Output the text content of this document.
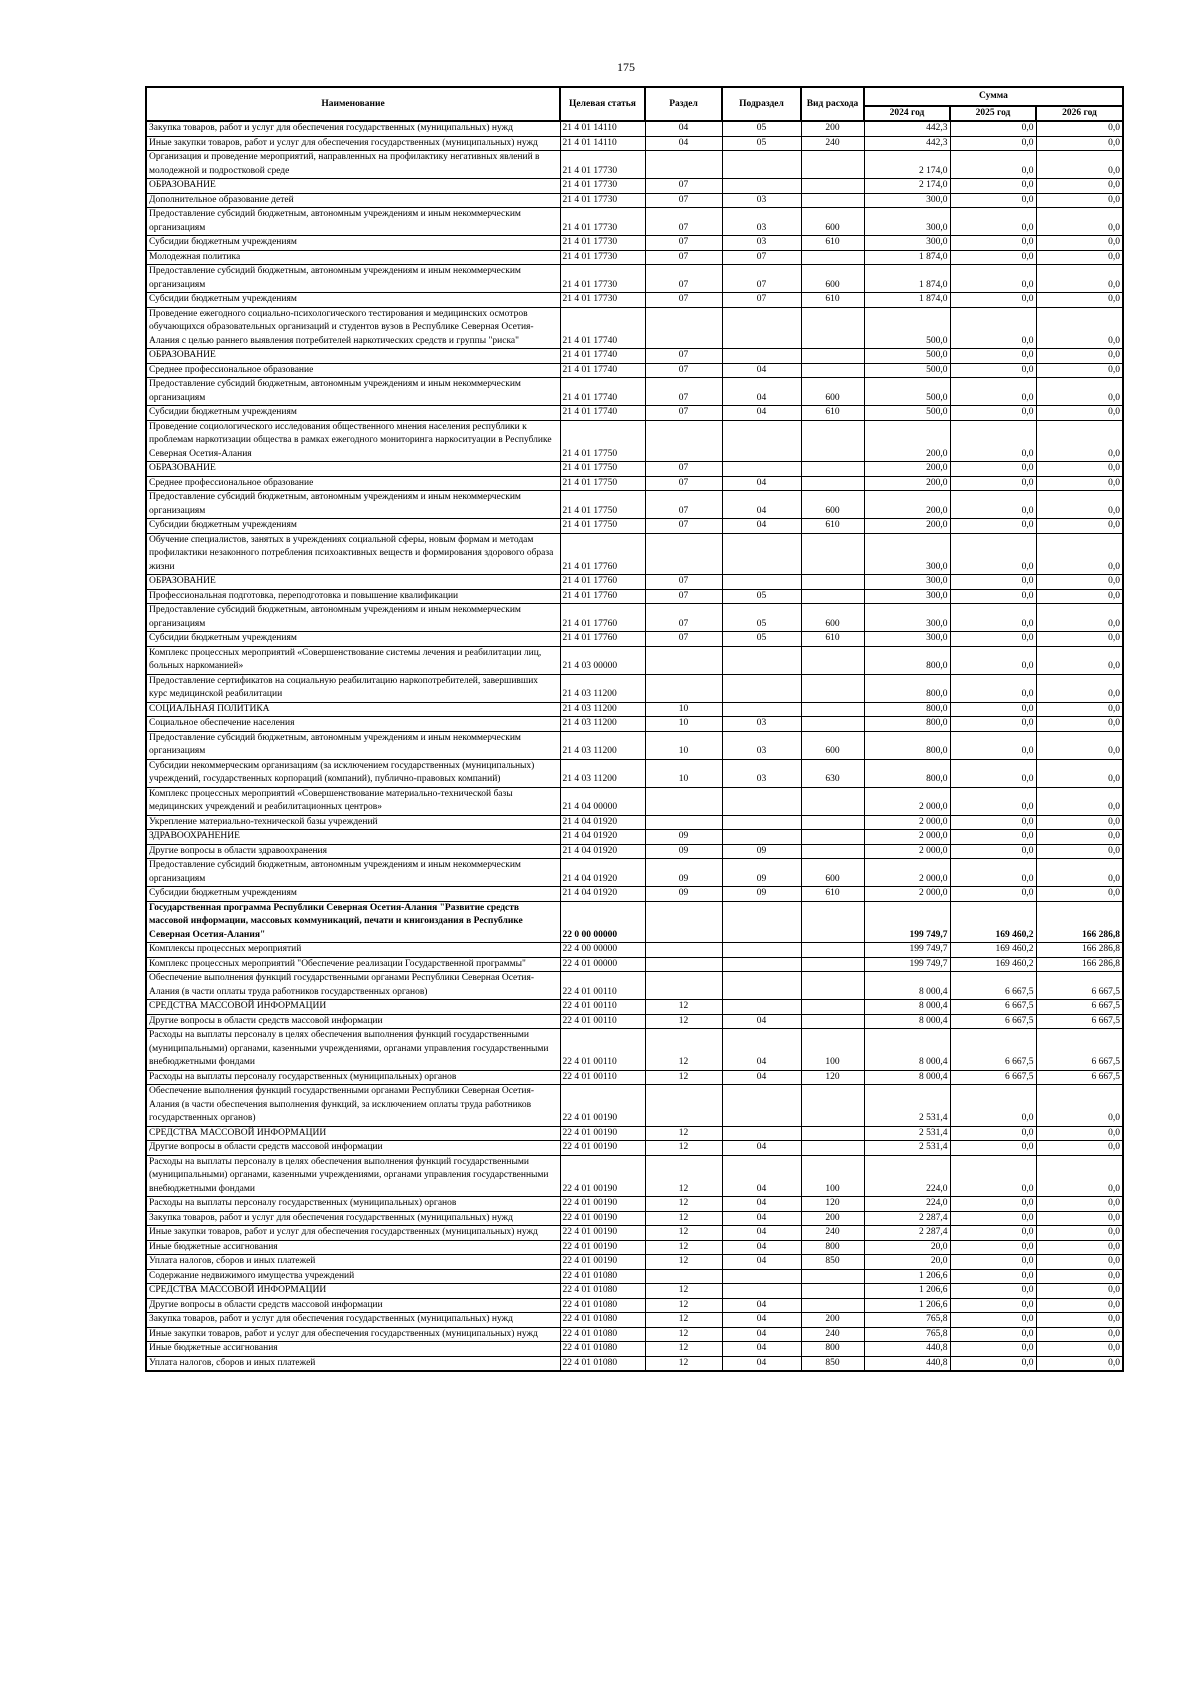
175
Наименование	Целевая статья	Раздел	Подраздел	Вид расхода	Сумма		
					2024 год	2025 год	2026 год
Закупка товаров, работ и услуг для обеспечения государственных (муниципальных) нужд	21 4 01 14110	04	05	200	442,3	0,0	0,0
Иные закупки товаров, работ и услуг для обеспечения государственных (муниципальных) нужд	21 4 01 14110	04	05	240	442,3	0,0	0,0
Организация и проведение мероприятий, направленных на профилактику негативных явлений в молодежной и подростковой среде	21 4 01 17730				2 174,0	0,0	0,0
ОБРАЗОВАНИЕ	21 4 01 17730	07			2 174,0	0,0	0,0
Дополнительное образование детей	21 4 01 17730	07	03		300,0	0,0	0,0
Предоставление субсидий бюджетным, автономным учреждениям и иным некоммерческим организациям	21 4 01 17730	07	03	600	300,0	0,0	0,0
Субсидии бюджетным учреждениям	21 4 01 17730	07	03	610	300,0	0,0	0,0
Молодежная политика	21 4 01 17730	07	07		1 874,0	0,0	0,0
Предоставление субсидий бюджетным, автономным учреждениям и иным некоммерческим организациям	21 4 01 17730	07	07	600	1 874,0	0,0	0,0
Субсидии бюджетным учреждениям	21 4 01 17730	07	07	610	1 874,0	0,0	0,0
Проведение ежегодного социально-психологического тестирования и медицинских осмотров обучающихся образовательных организаций и студентов вузов в Республике Северная Осетия-Алания с целью раннего выявления потребителей наркотических средств и группы "риска"	21 4 01 17740				500,0	0,0	0,0
ОБРАЗОВАНИЕ	21 4 01 17740	07			500,0	0,0	0,0
Среднее профессиональное образование	21 4 01 17740	07	04		500,0	0,0	0,0
Предоставление субсидий бюджетным, автономным учреждениям и иным некоммерческим организациям	21 4 01 17740	07	04	600	500,0	0,0	0,0
Субсидии бюджетным учреждениям	21 4 01 17740	07	04	610	500,0	0,0	0,0
Проведение социологического исследования общественного мнения населения республики к проблемам наркотизации общества в рамках ежегодного мониторинга наркоситуации в Республике Северная Осетия-Алания	21 4 01 17750				200,0	0,0	0,0
ОБРАЗОВАНИЕ	21 4 01 17750	07			200,0	0,0	0,0
Среднее профессиональное образование	21 4 01 17750	07	04		200,0	0,0	0,0
Предоставление субсидий бюджетным, автономным учреждениям и иным некоммерческим организациям	21 4 01 17750	07	04	600	200,0	0,0	0,0
Субсидии бюджетным учреждениям	21 4 01 17750	07	04	610	200,0	0,0	0,0
Обучение специалистов, занятых в учреждениях социальной сферы, новым формам и методам профилактики незаконного потребления психоактивных веществ и формирования здорового образа жизни	21 4 01 17760				300,0	0,0	0,0
ОБРАЗОВАНИЕ	21 4 01 17760	07			300,0	0,0	0,0
Профессиональная подготовка, переподготовка и повышение квалификации	21 4 01 17760	07	05		300,0	0,0	0,0
Предоставление субсидий бюджетным, автономным учреждениям и иным некоммерческим организациям	21 4 01 17760	07	05	600	300,0	0,0	0,0
Субсидии бюджетным учреждениям	21 4 01 17760	07	05	610	300,0	0,0	0,0
Комплекс процессных мероприятий «Совершенствование системы лечения и реабилитации лиц, больных наркоманией»	21 4 03 00000				800,0	0,0	0,0
Предоставление сертификатов на социальную реабилитацию наркопотребителей, завершивших курс медицинской реабилитации	21 4 03 11200				800,0	0,0	0,0
СОЦИАЛЬНАЯ ПОЛИТИКА	21 4 03 11200	10			800,0	0,0	0,0
Социальное обеспечение населения	21 4 03 11200	10	03		800,0	0,0	0,0
Предоставление субсидий бюджетным, автономным учреждениям и иным некоммерческим организациям	21 4 03 11200	10	03	600	800,0	0,0	0,0
Субсидии некоммерческим организациям (за исключением государственных (муниципальных) учреждений, государственных корпораций (компаний), публично-правовых компаний)	21 4 03 11200	10	03	630	800,0	0,0	0,0
Комплекс процессных мероприятий «Совершенствование материально-технической базы медицинских учреждений и реабилитационных центров»	21 4 04 00000				2 000,0	0,0	0,0
Укрепление материально-технической базы учреждений	21 4 04 01920				2 000,0	0,0	0,0
ЗДРАВООХРАНЕНИЕ	21 4 04 01920	09			2 000,0	0,0	0,0
Другие вопросы в области здравоохранения	21 4 04 01920	09	09		2 000,0	0,0	0,0
Предоставление субсидий бюджетным, автономным учреждениям и иным некоммерческим организациям	21 4 04 01920	09	09	600	2 000,0	0,0	0,0
Субсидии бюджетным учреждениям	21 4 04 01920	09	09	610	2 000,0	0,0	0,0
Государственная программа Республики Северная Осетия-Алания "Развитие средств массовой информации, массовых коммуникаций, печати и книгоиздания в Республике Северная Осетия-Алания"	22 0 00 00000				199 749,7	169 460,2	166 286,8
Комплексы процессных мероприятий	22 4 00 00000				199 749,7	169 460,2	166 286,8
Комплекс процессных мероприятий "Обеспечение реализации Государственной программы"	22 4 01 00000				199 749,7	169 460,2	166 286,8
Обеспечение выполнения функций государственными органами Республики Северная Осетия-Алания (в части оплаты труда работников государственных органов)	22 4 01 00110				8 000,4	6 667,5	6 667,5
СРЕДСТВА МАССОВОЙ ИНФОРМАЦИИ	22 4 01 00110	12			8 000,4	6 667,5	6 667,5
Другие вопросы в области средств массовой информации	22 4 01 00110	12	04		8 000,4	6 667,5	6 667,5
Расходы на выплаты персоналу в целях обеспечения выполнения функций государственными (муниципальными) органами, казенными учреждениями, органами управления государственными внебюджетными фондами	22 4 01 00110	12	04	100	8 000,4	6 667,5	6 667,5
Расходы на выплаты персоналу государственных (муниципальных) органов	22 4 01 00110	12	04	120	8 000,4	6 667,5	6 667,5
Обеспечение выполнения функций государственными органами Республики Северная Осетия-Алания (в части обеспечения выполнения функций, за исключением оплаты труда работников государственных органов)	22 4 01 00190				2 531,4	0,0	0,0
СРЕДСТВА МАССОВОЙ ИНФОРМАЦИИ	22 4 01 00190	12			2 531,4	0,0	0,0
Другие вопросы в области средств массовой информации	22 4 01 00190	12	04		2 531,4	0,0	0,0
Расходы на выплаты персоналу в целях обеспечения выполнения функций государственными (муниципальными) органами, казенными учреждениями, органами управления государственными внебюджетными фондами	22 4 01 00190	12	04	100	224,0	0,0	0,0
Расходы на выплаты персоналу государственных (муниципальных) органов	22 4 01 00190	12	04	120	224,0	0,0	0,0
Закупка товаров, работ и услуг для обеспечения государственных (муниципальных) нужд	22 4 01 00190	12	04	200	2 287,4	0,0	0,0
Иные закупки товаров, работ и услуг для обеспечения государственных (муниципальных) нужд	22 4 01 00190	12	04	240	2 287,4	0,0	0,0
Иные бюджетные ассигнования	22 4 01 00190	12	04	800	20,0	0,0	0,0
Уплата налогов, сборов и иных платежей	22 4 01 00190	12	04	850	20,0	0,0	0,0
Содержание недвижимого имущества учреждений	22 4 01 01080				1 206,6	0,0	0,0
СРЕДСТВА МАССОВОЙ ИНФОРМАЦИИ	22 4 01 01080	12			1 206,6	0,0	0,0
Другие вопросы в области средств массовой информации	22 4 01 01080	12	04		1 206,6	0,0	0,0
Закупка товаров, работ и услуг для обеспечения государственных (муниципальных) нужд	22 4 01 01080	12	04	200	765,8	0,0	0,0
Иные закупки товаров, работ и услуг для обеспечения государственных (муниципальных) нужд	22 4 01 01080	12	04	240	765,8	0,0	0,0
Иные бюджетные ассигнования	22 4 01 01080	12	04	800	440,8	0,0	0,0
Уплата налогов, сборов и иных платежей	22 4 01 01080	12	04	850	440,8	0,0	0,0
